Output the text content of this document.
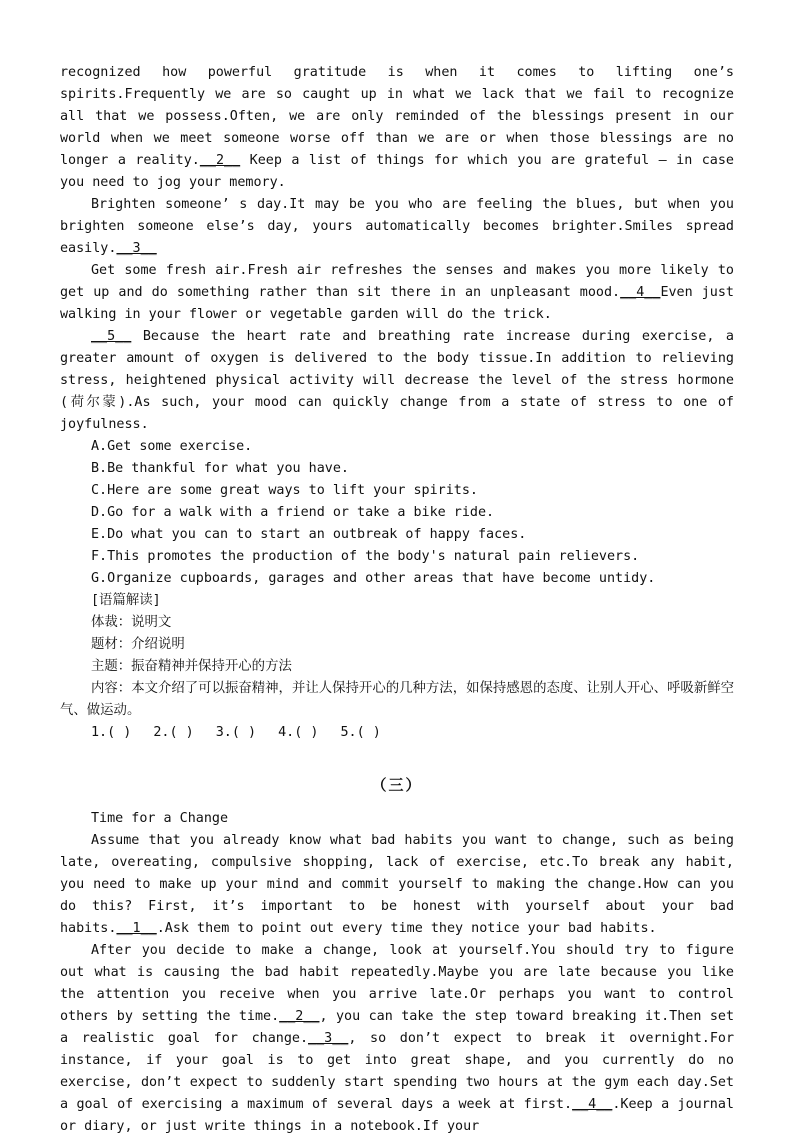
recognized how powerful gratitude is when it comes to lifting one’s spirits.Frequently we are so caught up in what we lack that we fail to recognize all that we possess.Often, we are only reminded of the blessings present in our world when we meet someone worse off than we are or when those blessings are no longer a reality.__2__ Keep a list of things for which you are grateful — in case you need to jog your memory.

Brighten someone’ s day.It may be you who are feeling the blues, but when you brighten someone else’s day, yours automatically becomes brighter.Smiles spread easily.__3__

Get some fresh air.Fresh air refreshes the senses and makes you more likely to get up and do something rather than sit there in an unpleasant mood.__4__Even just walking in your flower or vegetable garden will do the trick.

__5__ Because the heart rate and breathing rate increase during exercise, a greater amount of oxygen is delivered to the body tissue.In addition to relieving stress, heightened physical activity will decrease the level of the stress hormone (荷尔蒙).As such, your mood can quickly change from a state of stress to one of joyfulness.

A.Get some exercise.

B.Be thankful for what you have.

C.Here are some great ways to lift your spirits.

D.Go for a walk with a friend or take a bike ride.

E.Do what you can to start an outbreak of happy faces.

F.This promotes the production of the body's natural pain relievers.

G.Organize cupboards, garages and other areas that have become untidy.

[语篇解读]

体裁：说明文

题材：介绍说明

主题：振奋精神并保持开心的方法

内容：本文介绍了可以振奋精神，并让人保持开心的几种方法，如保持感恩的态度、让别人开心、呼吸新鲜空气、做运动。

1.( ) 2.( ) 3.( ) 4.( ) 5.( )

（三）

Time for a Change

Assume that you already know what bad habits you want to change, such as being late, overeating, compulsive shopping, lack of exercise, etc.To break any habit, you need to make up your mind and commit yourself to making the change.How can you do this? First, it’s important to be honest with yourself about your bad habits.__1__.Ask them to point out every time they notice your bad habits.

After you decide to make a change, look at yourself.You should try to figure out what is causing the bad habit repeatedly.Maybe you are late because you like the attention you receive when you arrive late.Or perhaps you want to control others by setting the time.__2__, you can take the step toward breaking it.Then set a realistic goal for change.__3__, so don’t expect to break it overnight.For instance, if your goal is to get into great shape, and you currently do no exercise, don’t expect to suddenly start spending two hours at the gym each day.Set a goal of exercising a maximum of several days a week at first.__4__.Keep a journal or diary, or just write things in a notebook.If your
